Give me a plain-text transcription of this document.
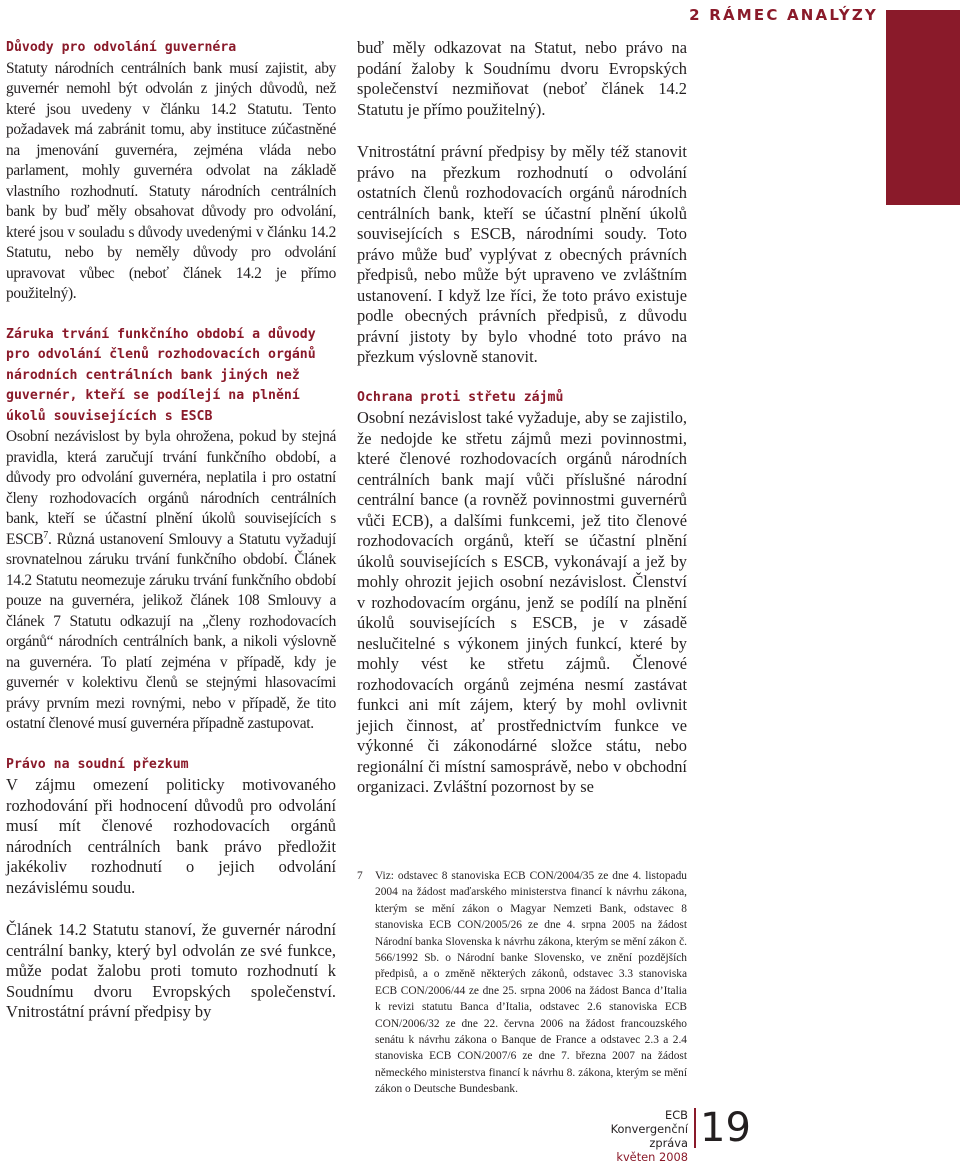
2 RÁMEC ANALÝZY

Důvody pro odvolání guvernéra

Statuty národních centrálních bank musí zajistit, aby guvernér nemohl být odvolán z jiných důvodů, než které jsou uvedeny v článku 14.2 Statutu. Tento požadavek má zabránit tomu, aby instituce zúčastněné na jmenování guvernéra, zejména vláda nebo parlament, mohly guvernéra odvolat na základě vlastního rozhodnutí. Statuty národních centrálních bank by buď měly obsahovat důvody pro odvolání, které jsou v souladu s důvody uvedenými v článku 14.2 Statutu, nebo by neměly důvody pro odvolání upravovat vůbec (neboť článek 14.2 je přímo použitelný).

Záruka trvání funkčního období a důvody pro odvolání členů rozhodovacích orgánů národních centrálních bank jiných než guvernér, kteří se podílejí na plnění úkolů souvisejících s ESCB

Osobní nezávislost by byla ohrožena, pokud by stejná pravidla, která zaručují trvání funkčního období, a důvody pro odvolání guvernéra, neplatila i pro ostatní členy rozhodovacích orgánů národních centrálních bank, kteří se účastní plnění úkolů souvisejících s ESCB$^7$. Různá ustanovení Smlouvy a Statutu vyžadují srovnatelnou záruku trvání funkčního období. Článek 14.2 Statutu neomezuje záruku trvání funkčního období pouze na guvernéra, jelikož článek 108 Smlouvy a článek 7 Statutu odkazují na „členy rozhodovacích orgánů“ národních centrálních bank, a nikoli výslovně na guvernéra. To platí zejména v případě, kdy je guvernér v kolektivu členů se stejnými hlasovacími právy prvním mezi rovnými, nebo v případě, že tito ostatní členové musí guvernéra případně zastupovat.

Právo na soudní přezkum

V zájmu omezení politicky motivovaného rozhodování při hodnocení důvodů pro odvolání musí mít členové rozhodovacích orgánů národních centrálních bank právo předložit jakékoliv rozhodnutí o jejich odvolání nezávislému soudu.

Článek 14.2 Statutu stanoví, že guvernér národní centrální banky, který byl odvolán ze své funkce, může podat žalobu proti tomuto rozhodnutí k Soudnímu dvoru Evropských společenství. Vnitrostátní právní předpisy by

buď měly odkazovat na Statut, nebo právo na podání žaloby k Soudnímu dvoru Evropských společenství nezmiňovat (neboť článek 14.2 Statutu je přímo použitelný).

Vnitrostátní právní předpisy by měly též stanovit právo na přezkum rozhodnutí o odvolání ostatních členů rozhodovacích orgánů národních centrálních bank, kteří se účastní plnění úkolů souvisejících s ESCB, národními soudy. Toto právo může buď vyplývat z obecných právních předpisů, nebo může být upraveno ve zvláštním ustanovení. I když lze říci, že toto právo existuje podle obecných právních předpisů, z důvodu právní jistoty by bylo vhodné toto právo na přezkum výslovně stanovit.

Ochrana proti střetu zájmů

Osobní nezávislost také vyžaduje, aby se zajistilo, že nedojde ke střetu zájmů mezi povinnostmi, které členové rozhodovacích orgánů národních centrálních bank mají vůči příslušné národní centrální bance (a rovněž povinnostmi guvernérů vůči ECB), a dalšími funkcemi, jež tito členové rozhodovacích orgánů, kteří se účastní plnění úkolů souvisejících s ESCB, vykonávají a jež by mohly ohrozit jejich osobní nezávislost. Členství v rozhodovacím orgánu, jenž se podílí na plnění úkolů souvisejících s ESCB, je v zásadě neslučitelné s výkonem jiných funkcí, které by mohly vést ke střetu zájmů. Členové rozhodovacích orgánů zejména nesmí zastávat funkci ani mít zájem, který by mohl ovlivnit jejich činnost, ať prostřednictvím funkce ve výkonné či zákonodárné složce státu, nebo regionální či místní samosprávě, nebo v obchodní organizaci. Zvláštní pozornost by se

7	Viz: odstavec 8 stanoviska ECB CON/2004/35 ze dne 4. listopadu 2004 na žádost maďarského ministerstva financí k návrhu zákona, kterým se mění zákon o Magyar Nemzeti Bank, odstavec 8 stanoviska ECB CON/2005/26 ze dne 4. srpna 2005 na žádost Národní banka Slovenska k návrhu zákona, kterým se mění zákon č. 566/1992 Sb. o Národní banke Slovensko, ve znění pozdějších předpisů, a o změně některých zákonů, odstavec 3.3 stanoviska ECB CON/2006/44 ze dne 25. srpna 2006 na žádost Banca d’Italia k revizi statutu Banca d’Italia, odstavec 2.6 stanoviska ECB CON/2006/32 ze dne 22. června 2006 na žádost francouzského senátu k návrhu zákona o Banque de France a odstavec 2.3 a 2.4 stanoviska ECB CON/2007/6 ze dne 7. března 2007 na žádost německého ministerstva financí k návrhu 8. zákona, kterým se mění zákon o Deutsche Bundesbank.
ECB
Konvergenční zpráva
květen 2008
19
